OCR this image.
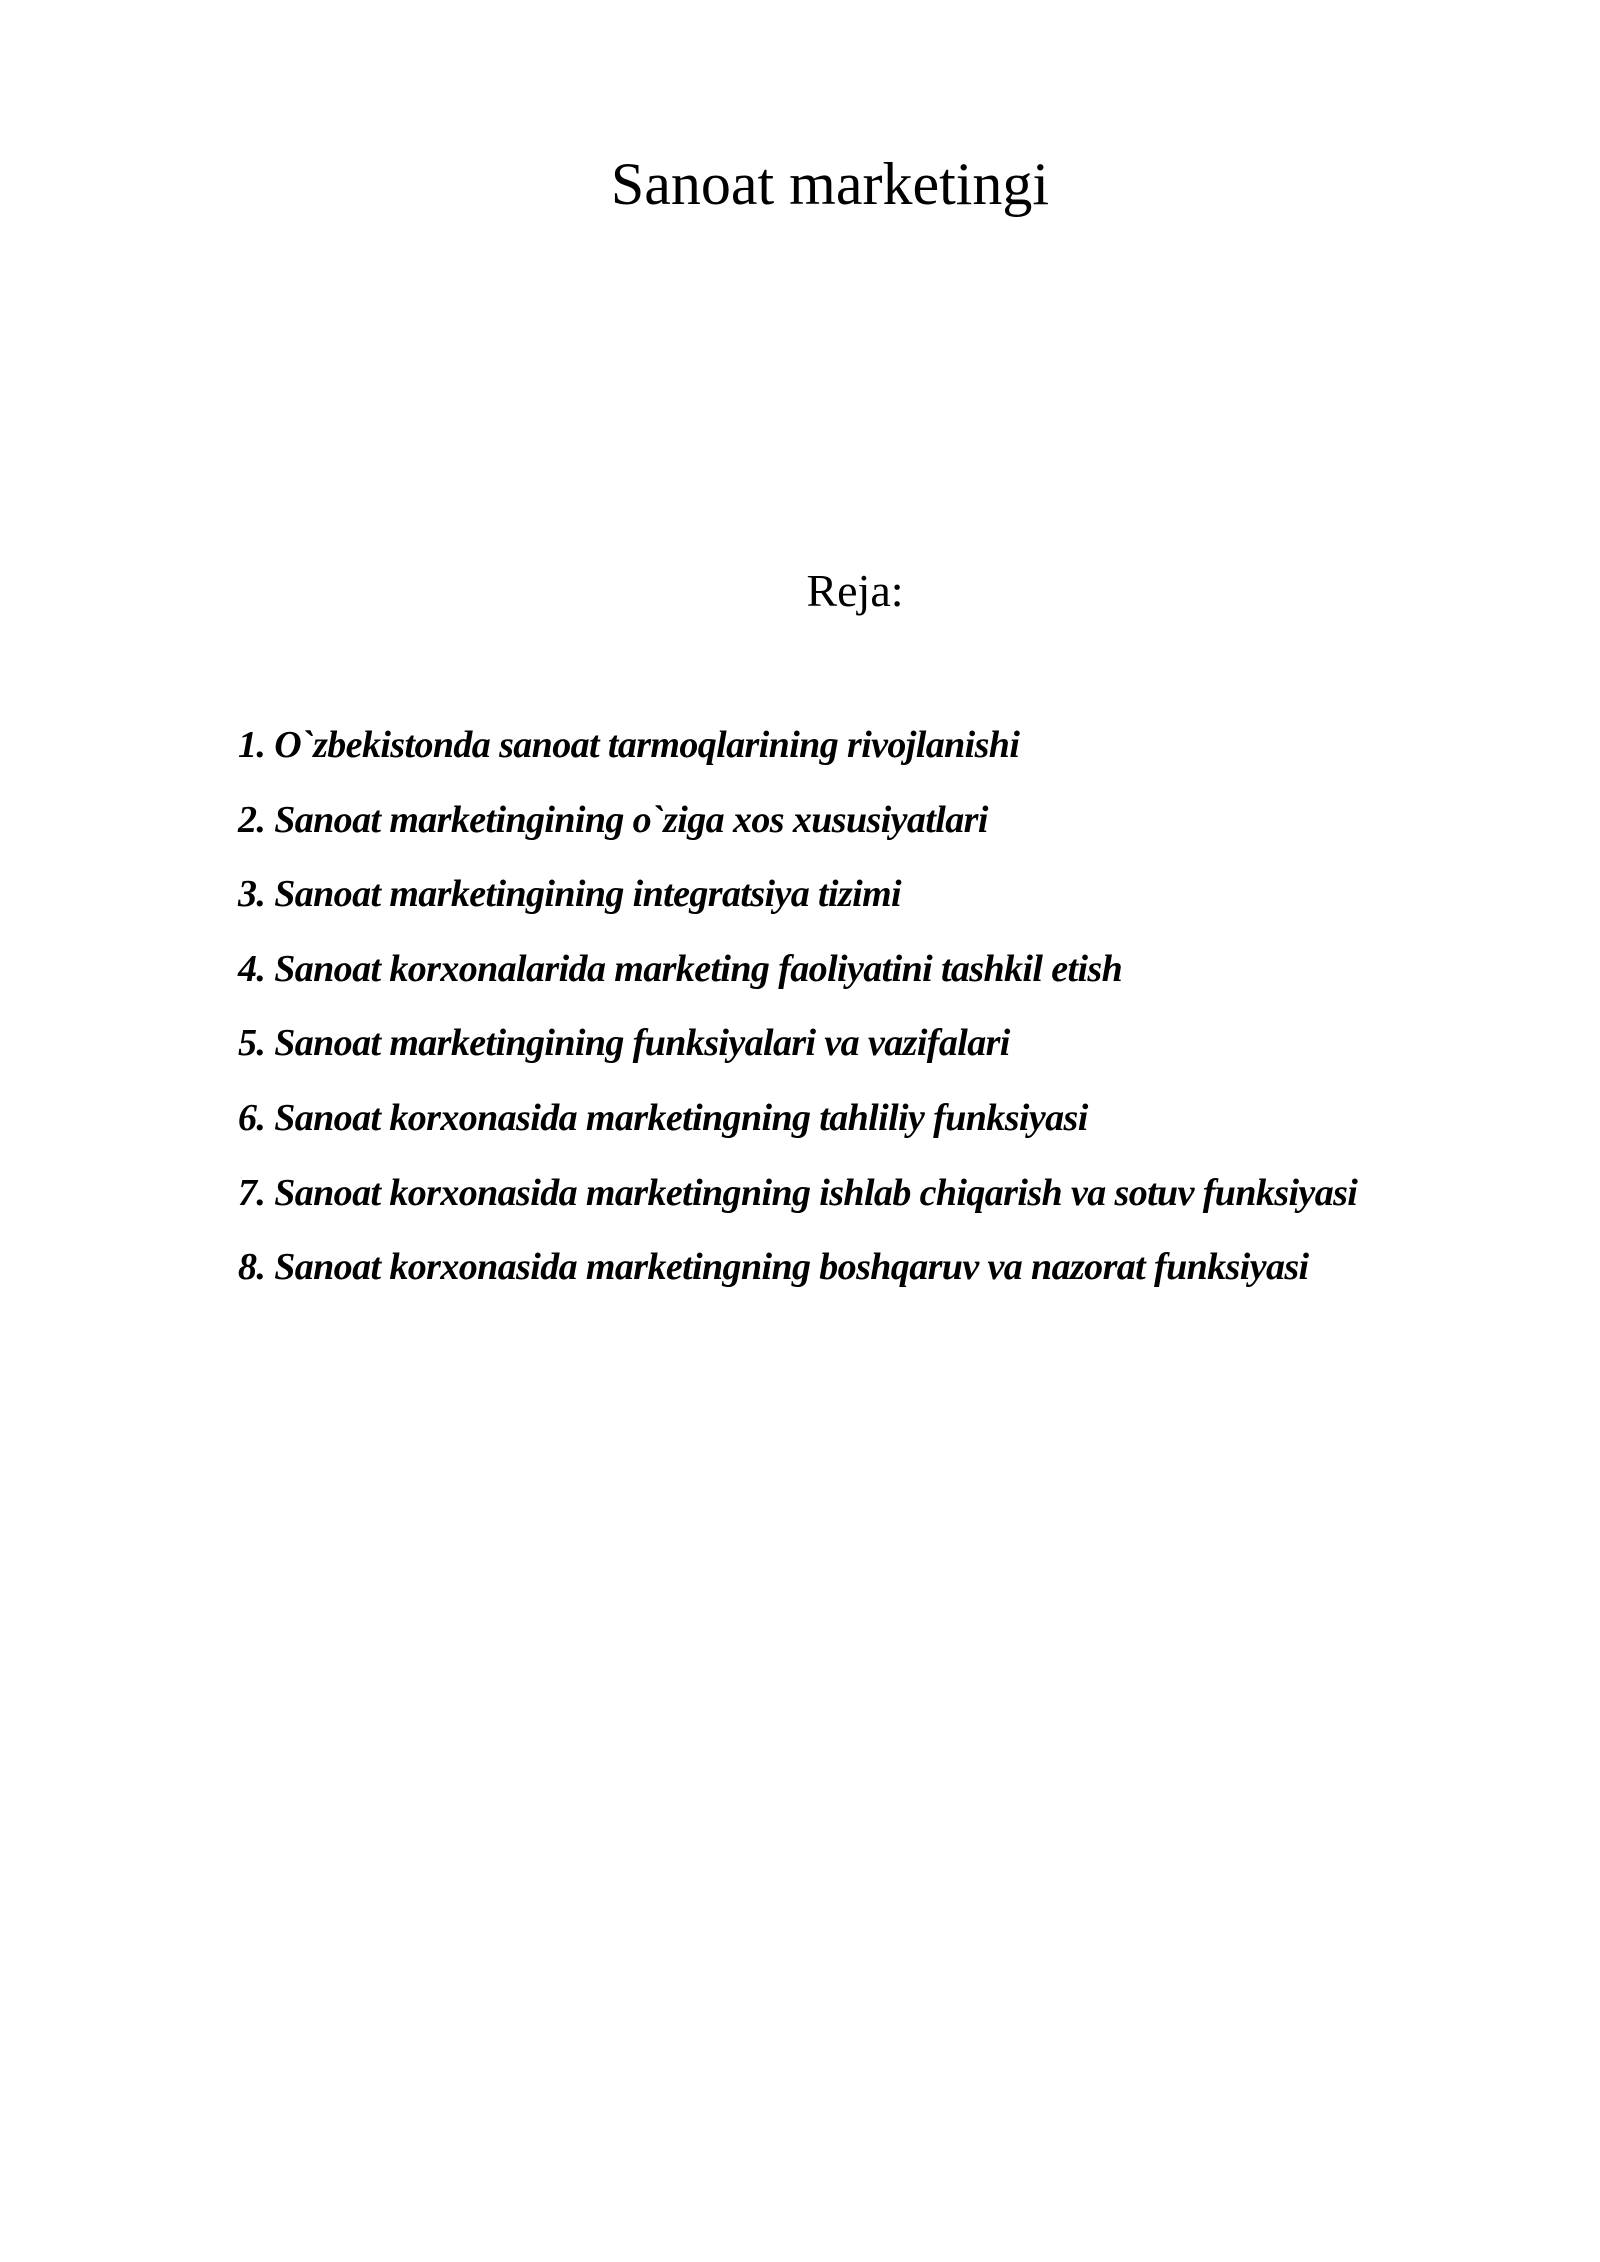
Sanoat marketingi
Reja:
1. O`zbekistonda sanoat tarmoqlarining rivojlanishi
2. Sanoat marketingining o`ziga xos xususiyatlari
3. Sanoat marketingining integratsiya tizimi
4. Sanoat korxonalarida marketing faoliyatini tashkil etish
5. Sanoat marketingining funksiyalari va vazifalari
6. Sanoat korxonasida marketingning tahliliy funksiyasi
7. Sanoat korxonasida marketingning ishlab chiqarish va sotuv funksiyasi
8. Sanoat korxonasida marketingning boshqaruv va nazorat funksiyasi
